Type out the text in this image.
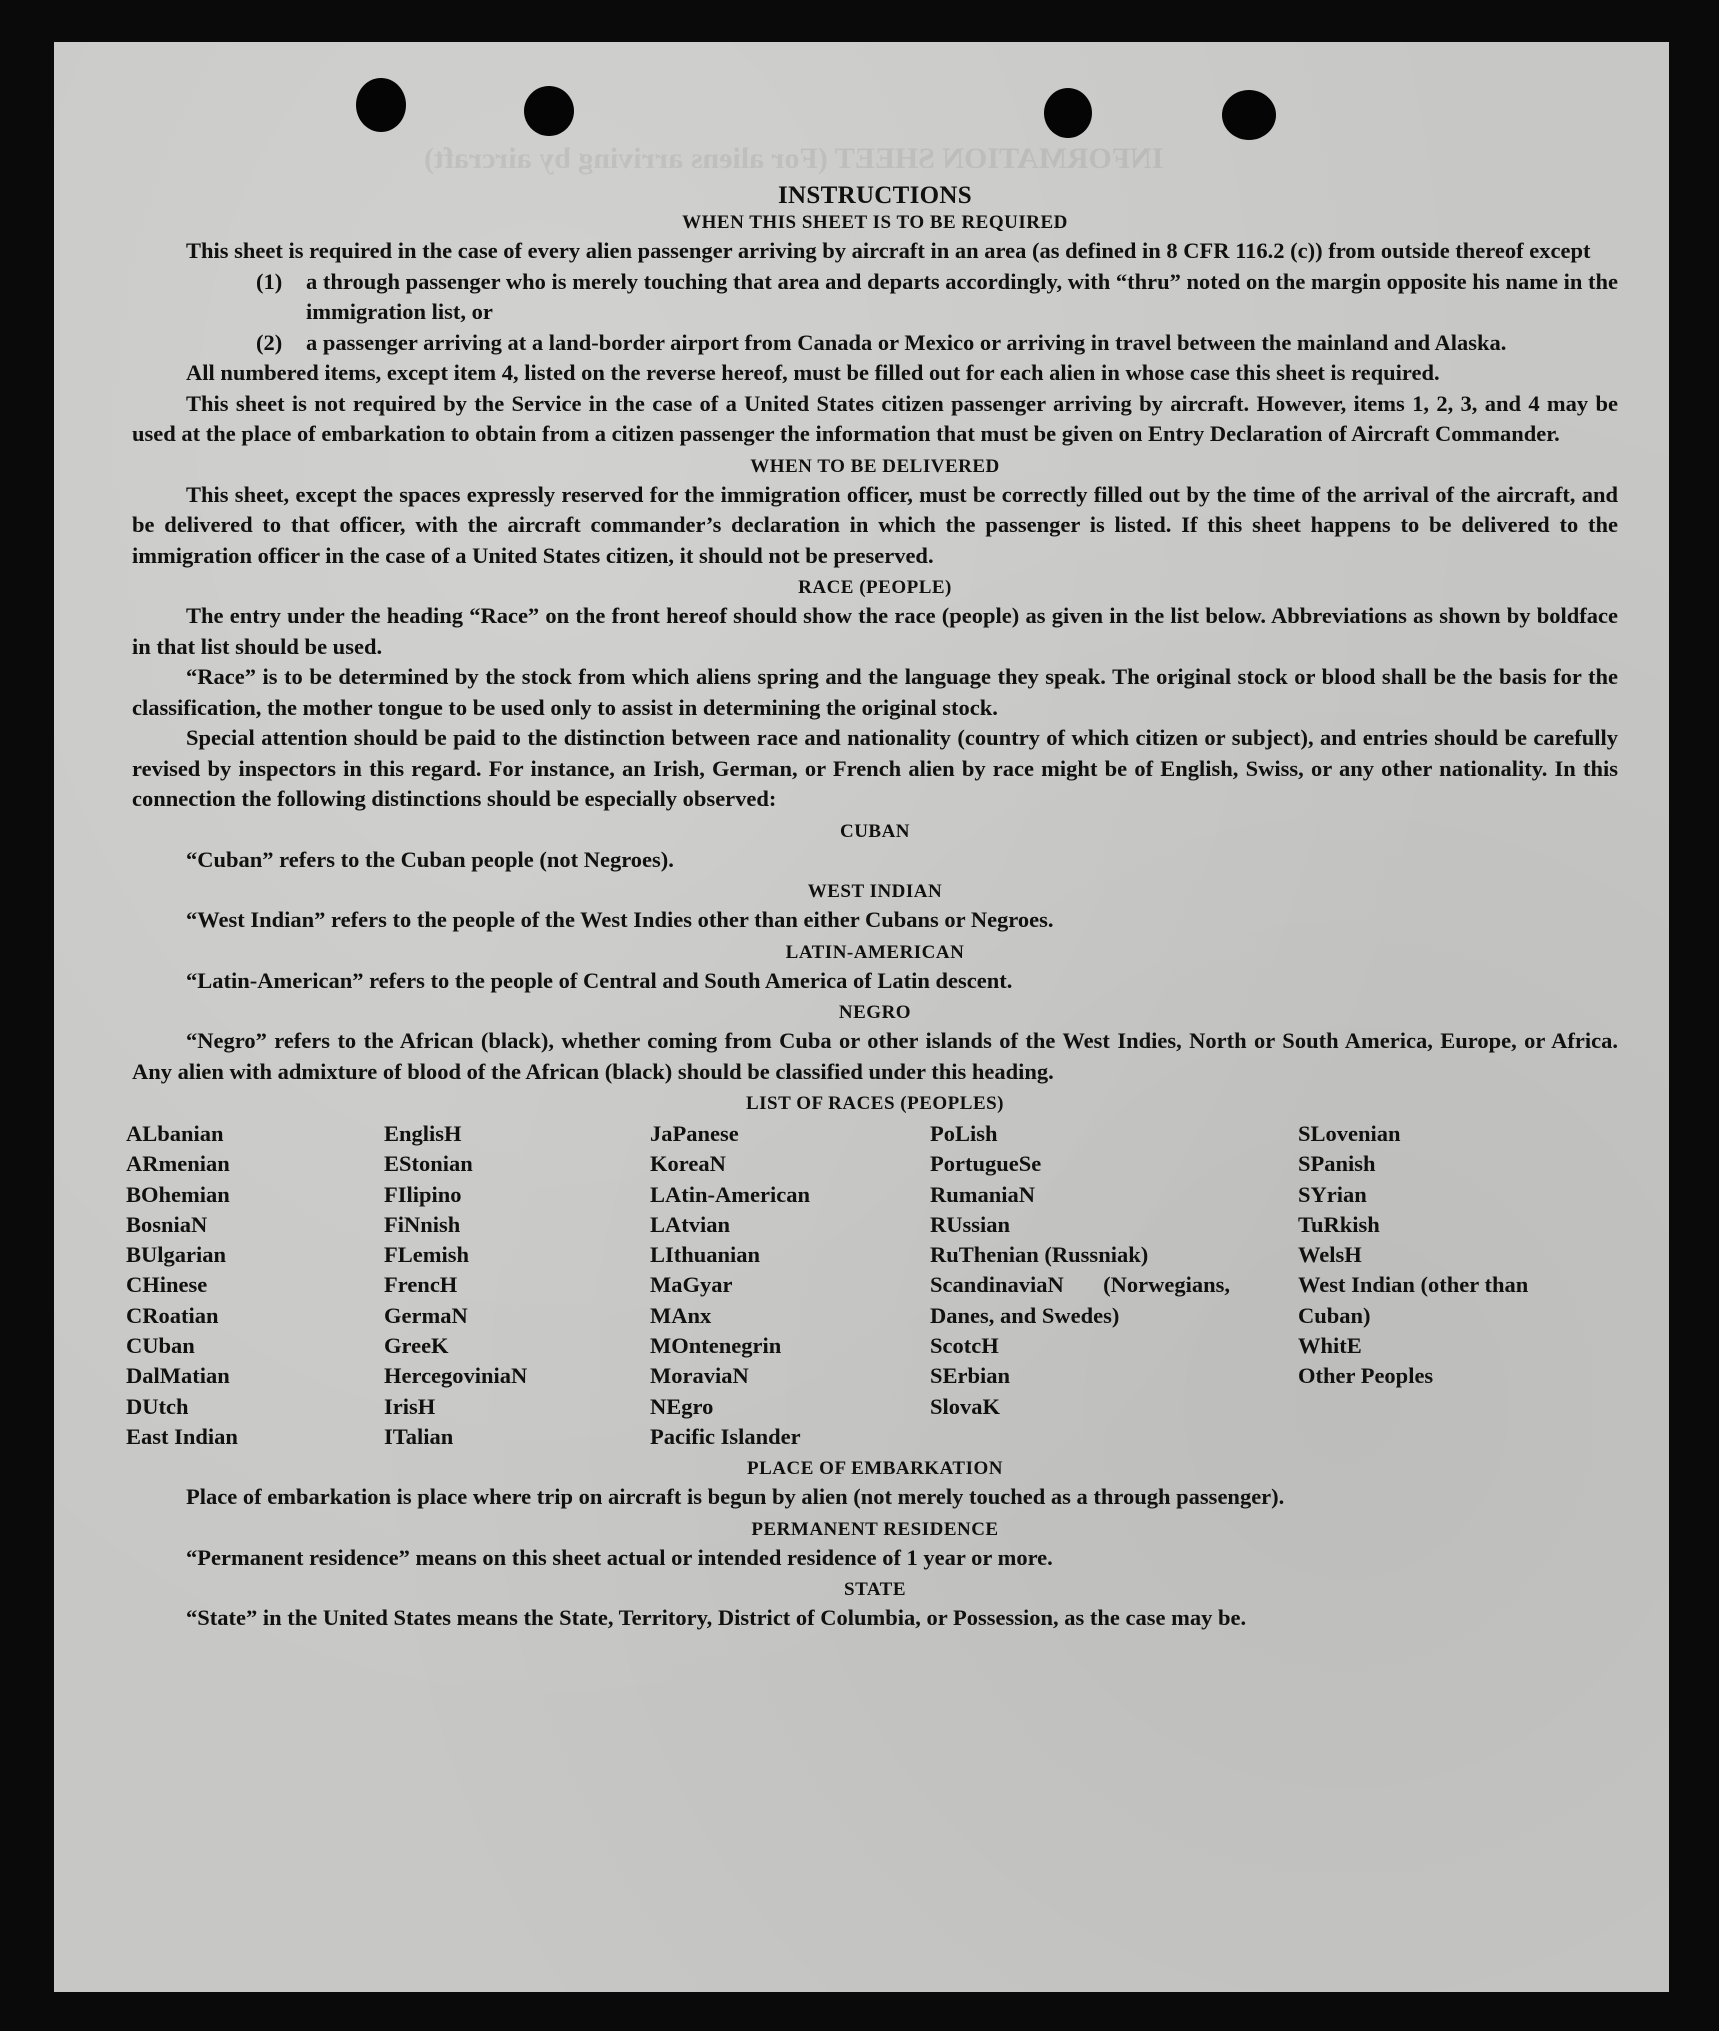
INFORMATION SHEET (For aliens arriving by aircraft)
INSTRUCTIONS
WHEN THIS SHEET IS TO BE REQUIRED

This sheet is required in the case of every alien passenger arriving by aircraft in an area (as defined in 8 CFR 116.2 (c)) from outside thereof except

(1)	a through passenger who is merely touching that area and departs accordingly, with “thru” noted on the margin opposite his name in the immigration list, or
(2)	a passenger arriving at a land-border airport from Canada or Mexico or arriving in travel between the mainland and Alaska.

All numbered items, except item 4, listed on the reverse hereof, must be filled out for each alien in whose case this sheet is required.

This sheet is not required by the Service in the case of a United States citizen passenger arriving by aircraft. However, items 1, 2, 3, and 4 may be used at the place of embarkation to obtain from a citizen passenger the information that must be given on Entry Declaration of Aircraft Commander.

WHEN TO BE DELIVERED

This sheet, except the spaces expressly reserved for the immigration officer, must be correctly filled out by the time of the arrival of the aircraft, and be delivered to that officer, with the aircraft commander’s declaration in which the passenger is listed. If this sheet happens to be delivered to the immigration officer in the case of a United States citizen, it should not be preserved.

RACE (PEOPLE)

The entry under the heading “Race” on the front hereof should show the race (people) as given in the list below. Abbreviations as shown by boldface in that list should be used.

“Race” is to be determined by the stock from which aliens spring and the language they speak. The original stock or blood shall be the basis for the classification, the mother tongue to be used only to assist in determining the original stock.

Special attention should be paid to the distinction between race and nationality (country of which citizen or subject), and entries should be carefully revised by inspectors in this regard. For instance, an Irish, German, or French alien by race might be of English, Swiss, or any other nationality. In this connection the following distinctions should be especially observed:

CUBAN

“Cuban” refers to the Cuban people (not Negroes).

WEST INDIAN

“West Indian” refers to the people of the West Indies other than either Cubans or Negroes.

LATIN-AMERICAN

“Latin-American” refers to the people of Central and South America of Latin descent.

NEGRO

“Negro” refers to the African (black), whether coming from Cuba or other islands of the West Indies, North or South America, Europe, or Africa. Any alien with admixture of blood of the African (black) should be classified under this heading.

LIST OF RACES (PEOPLES)
ALbanian
ARmenian
BOhemian
BosniaN
BUlgarian
CHinese
CRoatian
CUban
DalMatian
DUtch
East Indian
EnglisH
EStonian
FIlipino
FiNnish
FLemish
FrencH
GermaN
GreeK
HercegoviniaN
IrisH
ITalian
JaPanese
KoreaN
LAtin-American
LAtvian
LIthuanian
MaGyar
MAnx
MOntenegrin
MoraviaN
NEgro
Pacific Islander
PoLish
PortugueSe
RumaniaN
RUssian
RuThenian (Russniak)
ScandinaviaN (Norwegians, Danes, and Swedes)
ScotcH
SErbian
SlovaK
SLovenian
SPanish
SYrian
TuRkish
WelsH
West Indian (other than Cuban)
WhitE
Other Peoples
PLACE OF EMBARKATION

Place of embarkation is place where trip on aircraft is begun by alien (not merely touched as a through passenger).

PERMANENT RESIDENCE

“Permanent residence” means on this sheet actual or intended residence of 1 year or more.

STATE

“State” in the United States means the State, Territory, District of Columbia, or Possession, as the case may be.
